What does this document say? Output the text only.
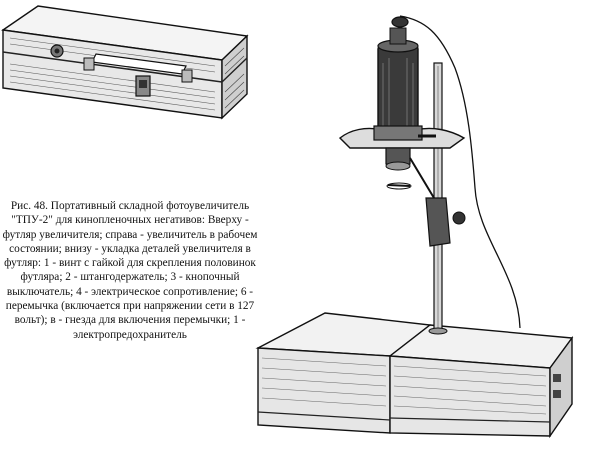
Рис. 48. Портативный складной фотоувеличитель "ТПУ-2" для кинопленочных негативов: Вверху - футляр увеличителя; справа - увеличитель в рабочем состоянии; внизу - укладка деталей увеличителя в футляр: 1 - винт с гайкой для скрепления половинок футляра; 2 - штангодержатель; 3 - кнопочный выключатель; 4 - электрическое сопротивление; 6 - перемычка (включается при напряжении сети в 127 вольт); в - гнезда для включения перемычки; 1 - электропредохранитель
